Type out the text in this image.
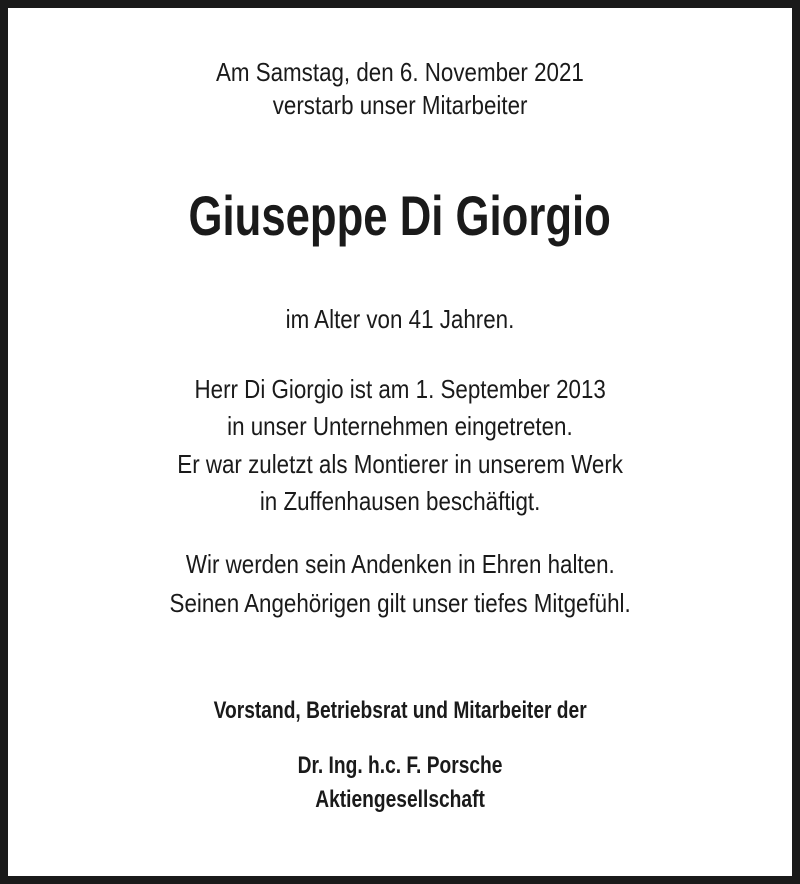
Am Samstag, den 6. November 2021
verstarb unser Mitarbeiter
Giuseppe Di Giorgio
im Alter von 41 Jahren.
Herr Di Giorgio ist am 1. September 2013
in unser Unternehmen eingetreten.
Er war zuletzt als Montierer in unserem Werk
in Zuffenhausen beschäftigt.
Wir werden sein Andenken in Ehren halten.
Seinen Angehörigen gilt unser tiefes Mitgefühl.
Vorstand, Betriebsrat und Mitarbeiter der
Dr. Ing. h.c. F. Porsche
Aktiengesellschaft
